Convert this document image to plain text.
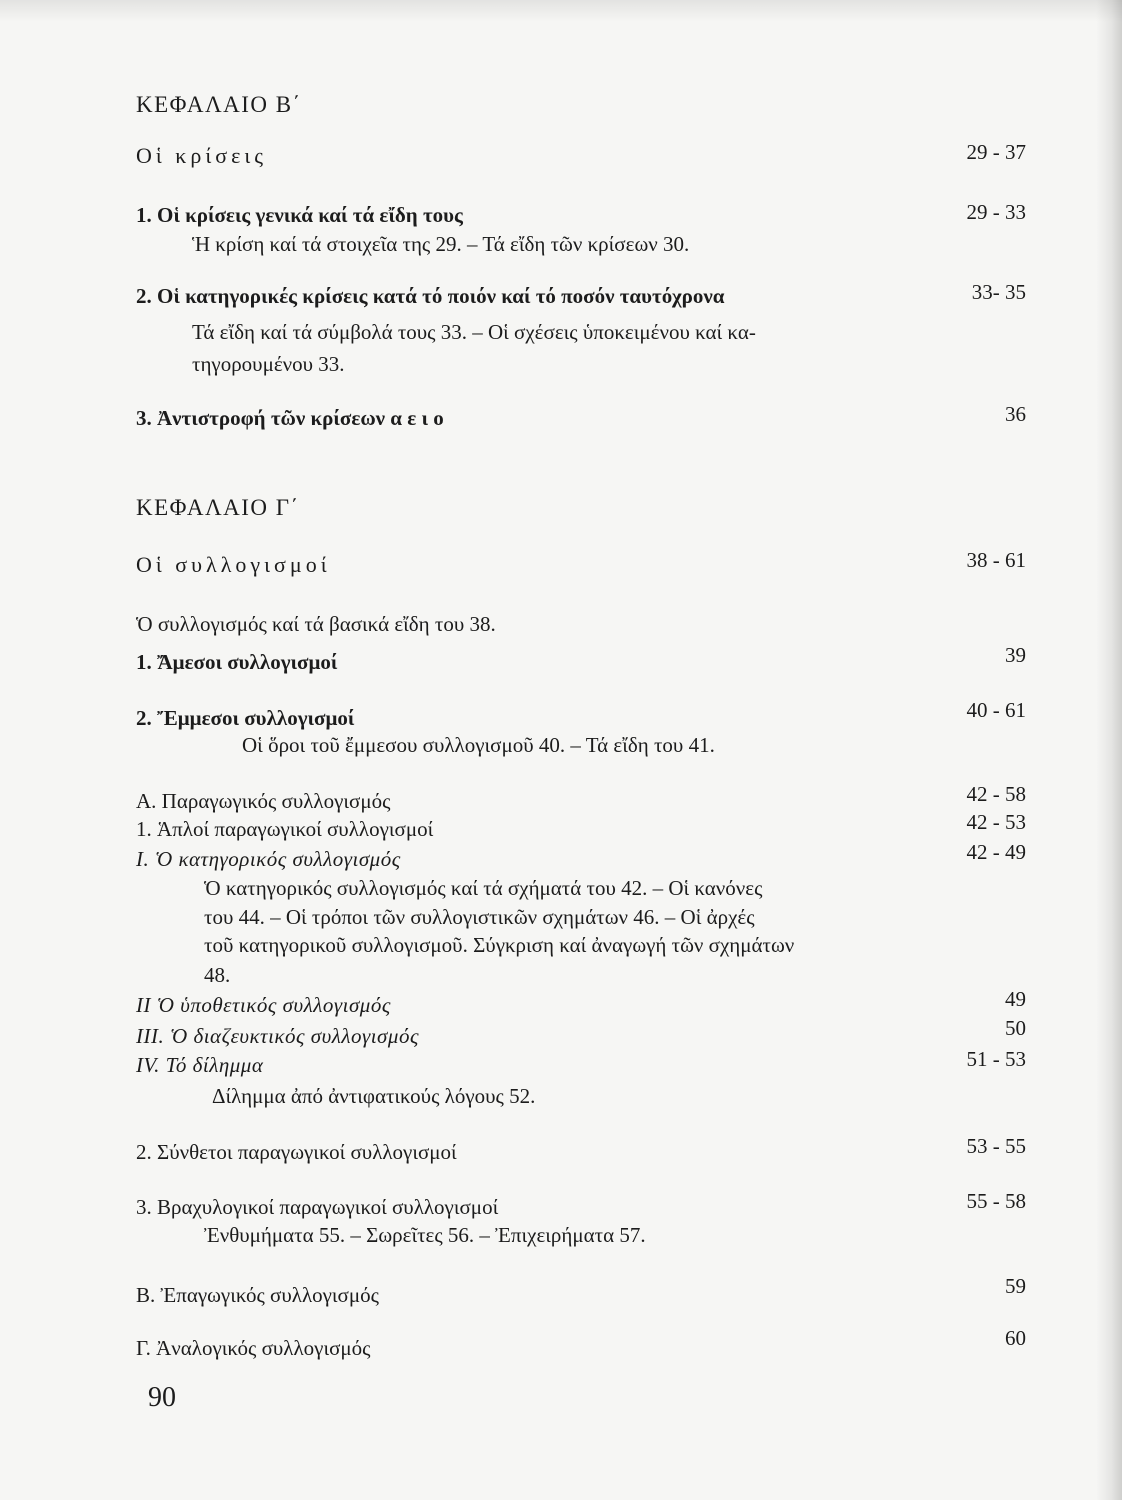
ΚΕΦΑΛΑΙΟ Β΄
Οἱ κρίσεις	29 - 37
1. Οἱ κρίσεις γενικά καί τά εἴδη τους	29 - 33
Ἡ κρίση καί τά στοιχεῖα της 29. – Τά εἴδη τῶν κρίσεων 30.
2. Οἱ κατηγορικές κρίσεις κατά τό ποιόν καί τό ποσόν ταυτόχρονα	33- 35
Τά εἴδη καί τά σύμβολά τους 33. – Οἱ σχέσεις ὑποκειμένου καί κα-
τηγορουμένου 33.
3. Ἀντιστροφή τῶν κρίσεων α ε ι ο	36
ΚΕΦΑΛΑΙΟ Γ΄
Οἱ συλλογισμοί	38 - 61
Ὁ συλλογισμός καί τά βασικά εἴδη του 38.
1. Ἄμεσοι συλλογισμοί	39
2. Ἔμμεσοι συλλογισμοί	40 - 61
Οἱ ὅροι τοῦ ἔμμεσου συλλογισμοῦ 40. – Τά εἴδη του 41.
Α. Παραγωγικός συλλογισμός	42 - 58
1. Ἁπλοί παραγωγικοί συλλογισμοί	42 - 53
I. Ὁ κατηγορικός συλλογισμός	42 - 49
Ὁ κατηγορικός συλλογισμός καί τά σχήματά του 42. – Οἱ κανόνες
του 44. – Οἱ τρόποι τῶν συλλογιστικῶν σχημάτων 46. – Οἱ ἀρχές
τοῦ κατηγορικοῦ συλλογισμοῦ. Σύγκριση καί ἀναγωγή τῶν σχημάτων
48.
II Ὁ ὑποθετικός συλλογισμός	49
III. Ὁ διαζευκτικός συλλογισμός	50
IV. Τό δίλημμα	51 - 53
Δίλημμα ἀπό ἀντιφατικούς λόγους 52.
2. Σύνθετοι παραγωγικοί συλλογισμοί	53 - 55
3. Βραχυλογικοί παραγωγικοί συλλογισμοί	55 - 58
Ἐνθυμήματα 55. – Σωρεῖτες 56. – Ἐπιχειρήματα 57.
Β. Ἐπαγωγικός συλλογισμός	59
Γ. Ἀναλογικός συλλογισμός	60
90
